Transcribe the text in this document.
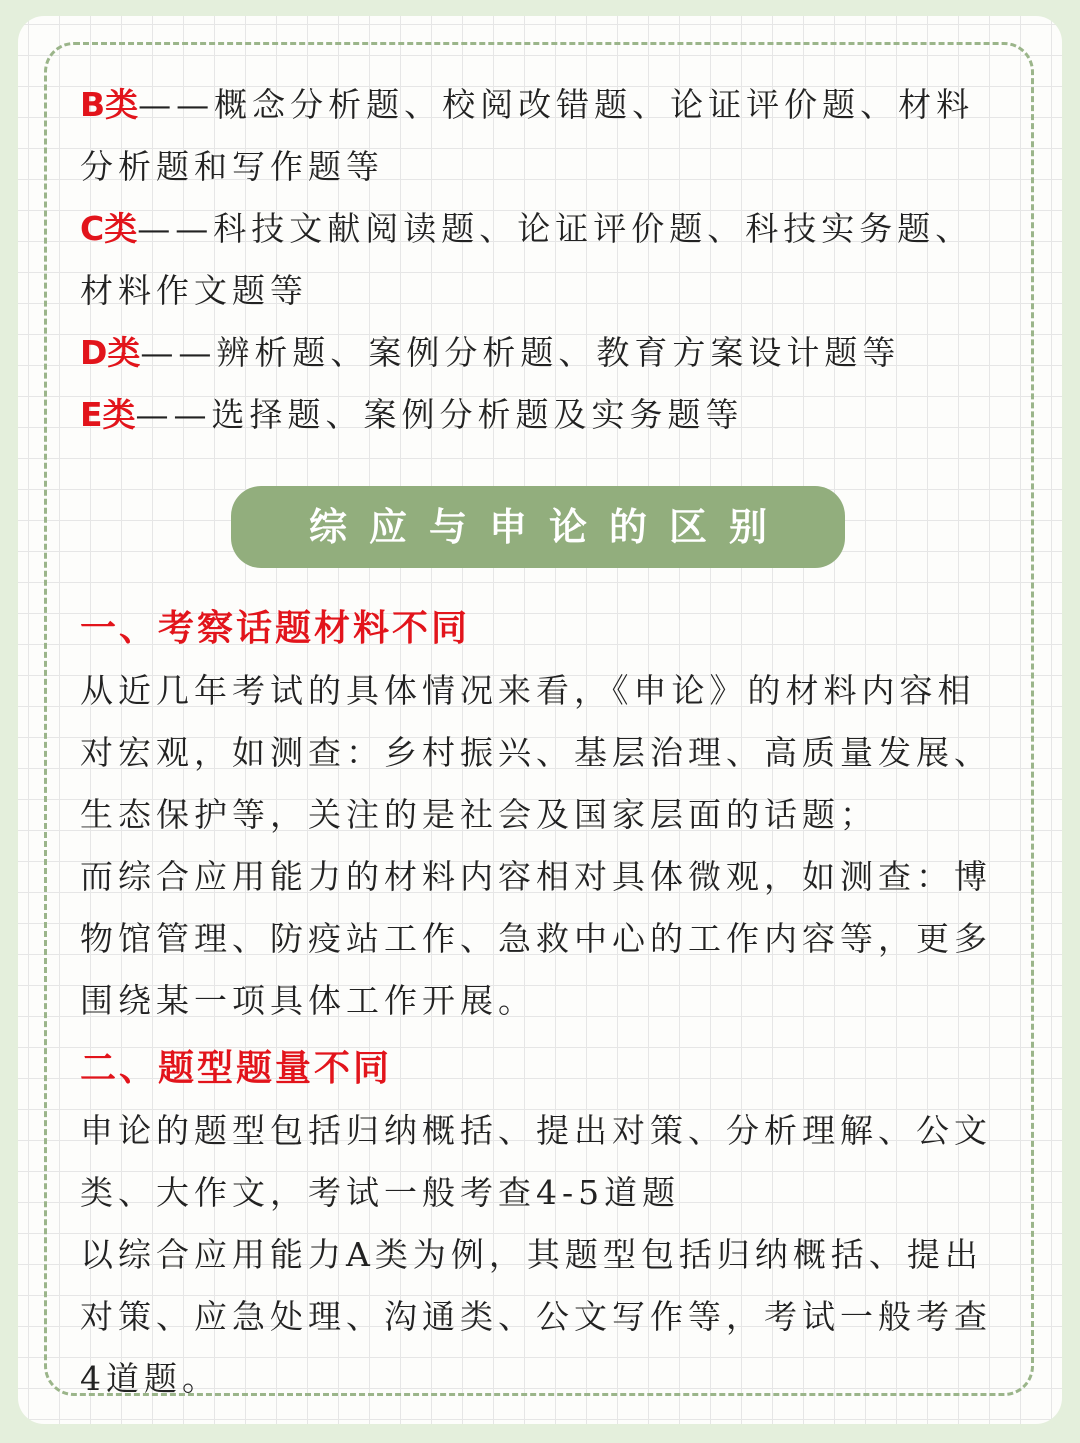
B类——概念分析题、校阅改错题、论证评价题、材料
分析题和写作题等
C类——科技文献阅读题、论证评价题、科技实务题、
材料作文题等
D类——辨析题、案例分析题、教育方案设计题等
E类——选择题、案例分析题及实务题等
综应与申论的区别
一、考察话题材料不同
从近几年考试的具体情况来看，《申论》的材料内容相
对宏观，如测查：乡村振兴、基层治理、高质量发展、
生态保护等，关注的是社会及国家层面的话题；
而综合应用能力的材料内容相对具体微观，如测查：博
物馆管理、防疫站工作、急救中心的工作内容等，更多
围绕某一项具体工作开展。
二、题型题量不同
申论的题型包括归纳概括、提出对策、分析理解、公文
类、大作文，考试一般考查4-5道题
以综合应用能力A类为例，其题型包括归纳概括、提出
对策、应急处理、沟通类、公文写作等，考试一般考查
4道题。
